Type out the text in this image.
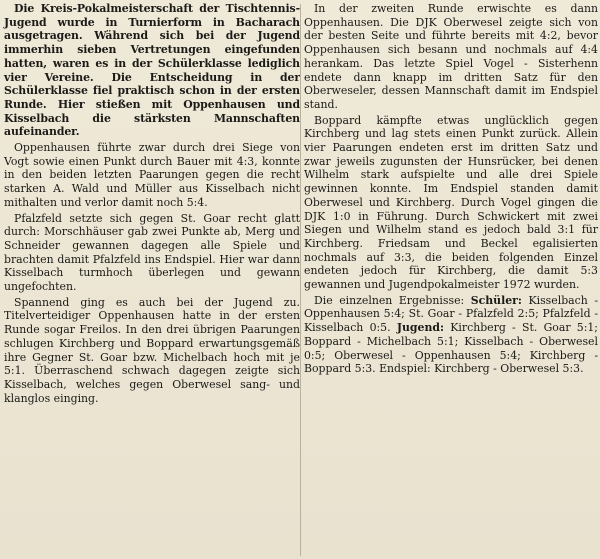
Die Kreis-Pokalmeisterschaft der Tischtennis-Jugend wurde in Turnierform in Bacharach ausgetragen. Während sich bei der Jugend immerhin sieben Vertretungen eingefunden hatten, waren es in der Schülerklasse lediglich vier Vereine. Die Entscheidung in der Schülerklasse fiel praktisch schon in der ersten Runde. Hier stießen mit Oppenhausen und Kisselbach die stärksten Mannschaften aufeinander.

Oppenhausen führte zwar durch drei Siege von Vogt sowie einen Punkt durch Bauer mit 4:3, konnte in den beiden letzten Paarungen gegen die recht starken A. Wald und Müller aus Kisselbach nicht mithalten und verlor damit noch 5:4.

Pfalzfeld setzte sich gegen St. Goar recht glatt durch: Morschhäuser gab zwei Punkte ab, Merg und Schneider gewannen dagegen alle Spiele und brachten damit Pfalzfeld ins Endspiel. Hier war dann Kisselbach turmhoch überlegen und gewann ungefochten.

Spannend ging es auch bei der Jugend zu. Titelverteidiger Oppenhausen hatte in der ersten Runde sogar Freilos. In den drei übrigen Paarungen schlugen Kirchberg und Boppard erwartungsgemäß ihre Gegner St. Goar bzw. Michelbach hoch mit je 5:1. Überraschend schwach dagegen zeigte sich Kisselbach, welches gegen Oberwesel sang- und klanglos einging.

In der zweiten Runde erwischte es dann Oppenhausen. Die DJK Oberwesel zeigte sich von der besten Seite und führte bereits mit 4:2, bevor Oppenhausen sich besann und nochmals auf 4:4 herankam. Das letzte Spiel Vogel - Sisterhenn endete dann knapp im dritten Satz für den Oberweseler, dessen Mannschaft damit im Endspiel stand.

Boppard kämpfte etwas unglücklich gegen Kirchberg und lag stets einen Punkt zurück. Allein vier Paarungen endeten erst im dritten Satz und zwar jeweils zugunsten der Hunsrücker, bei denen Wilhelm stark aufspielte und alle drei Spiele gewinnen konnte. Im Endspiel standen damit Oberwesel und Kirchberg. Durch Vogel gingen die DJK 1:0 in Führung. Durch Schwickert mit zwei Siegen und Wilhelm stand es jedoch bald 3:1 für Kirchberg. Friedsam und Beckel egalisierten nochmals auf 3:3, die beiden folgenden Einzel endeten jedoch für Kirchberg, die damit 5:3 gewannen und Jugendpokalmeister 1972 wurden.

Die einzelnen Ergebnisse: Schüler: Kisselbach - Oppenhausen 5:4; St. Goar - Pfalzfeld 2:5; Pfalzfeld - Kisselbach 0:5. Jugend: Kirchberg - St. Goar 5:1; Boppard - Michelbach 5:1; Kisselbach - Oberwesel 0:5; Oberwesel - Oppenhausen 5:4; Kirchberg - Boppard 5:3. Endspiel: Kirchberg - Oberwesel 5:3.
